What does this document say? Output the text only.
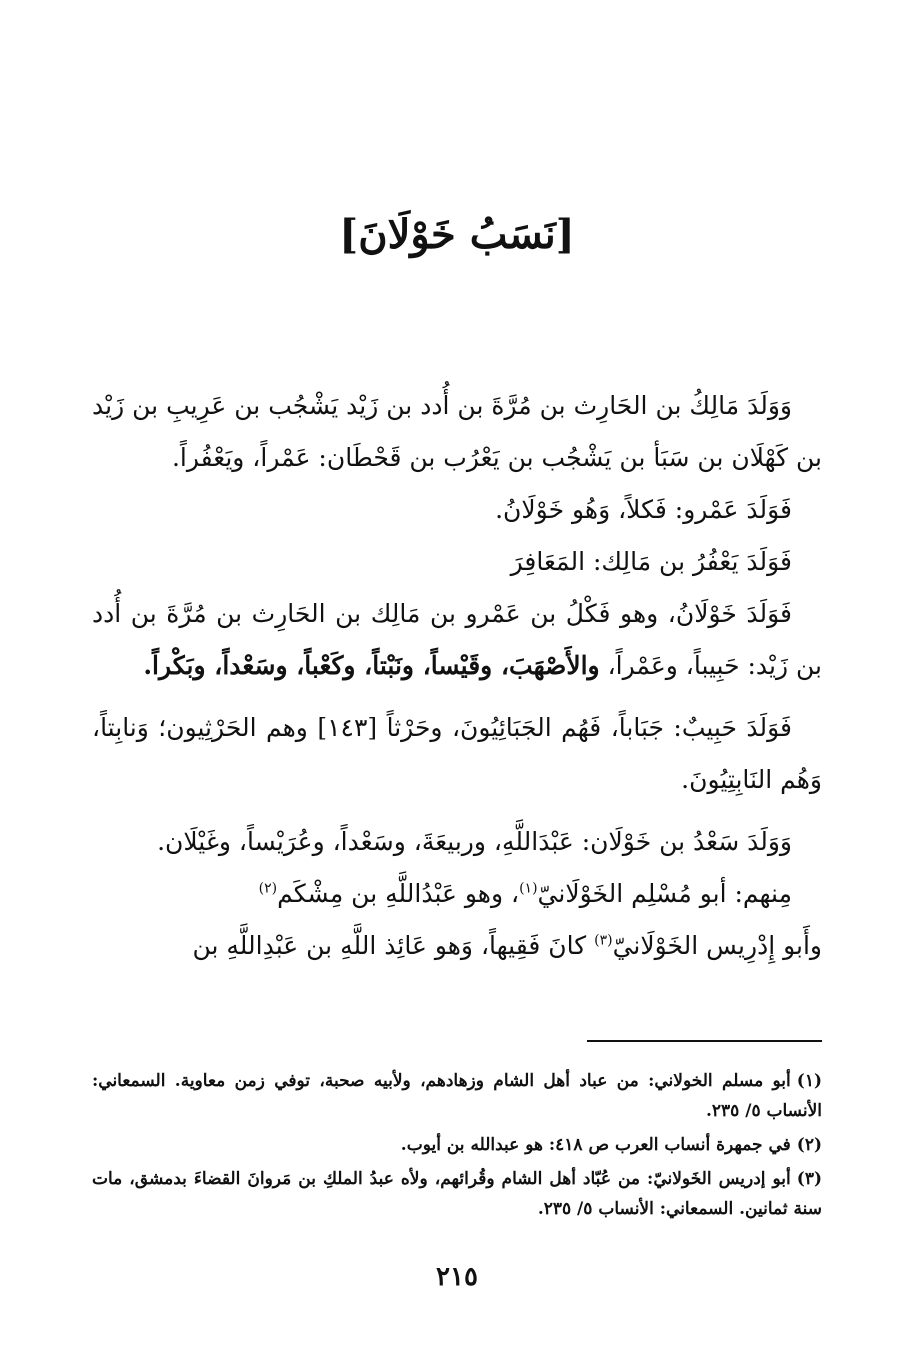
[نَسَبُ خَوْلَانَ]

وَوَلَدَ مَالِكُ بن الحَارِث بن مُرَّةَ بن أُدد بن زَيْد يَشْجُب بن عَرِيبِ بن زَيْد بن كَهْلَان بن سَبَأ بن يَشْجُب بن يَعْرُب بن قَحْطَان: عَمْراً، ويَعْفُراً.

فَوَلَدَ عَمْرو: فَكلاً، وَهُو خَوْلَانُ.

فَوَلَدَ يَعْفُرُ بن مَالِك: المَعَافِرَ

فَوَلَدَ خَوْلَانُ، وهو فَكْلُ بن عَمْرو بن مَالِك بن الحَارِث بن مُرَّةَ بن أُدد بن زَيْد: حَبِيباً، وعَمْراً، والأَصْهَبَ، وقَيْساً، ونَبْتاً، وكَعْباً، وسَعْداً، وبَكْراً.

فَوَلَدَ حَبِيبٌ: جَبَاباً، فَهُم الجَبَائِيُونَ، وحَرْثاً [١٤٣] وهم الحَرْثِيون؛ وَنابِتاً، وَهُم النَابِتِيُونَ.

وَوَلَدَ سَعْدُ بن خَوْلَان: عَبْدَاللَّهِ، وربيعَةَ، وسَعْداً، وعُرَيْساً، وغَيْلَان.

مِنهم: أبو مُسْلِم الخَوْلَانيّ$^{(١)}$، وهو عَبْدُاللَّهِ بن مِشْكَم$^{(٢)}$

وأَبو إِدْرِيس الخَوْلَانيّ$^{(٣)}$ كانَ فَقِيهاً، وَهو عَائِذ اللَّهِ بن عَبْدِاللَّهِ بن

(١)أبو مسلم الخولاني: من عباد أهل الشام وزهادهم، ولأبيه صحبة، توفي زمن معاوية. السمعاني: الأنساب ٥/ ٢٣٥.

(٢)في جمهرة أنساب العرب ص ٤١٨: هو عبدالله بن أيوب.

(٣)أبو إدريس الخَولانيّ: من عُبّاد أهل الشام وقُرائهم، ولأه عبدُ الملكِ بن مَروانَ القضاءَ بدمشق، مات سنة ثمانين. السمعاني: الأنساب ٥/ ٢٣٥.

٢١٥
